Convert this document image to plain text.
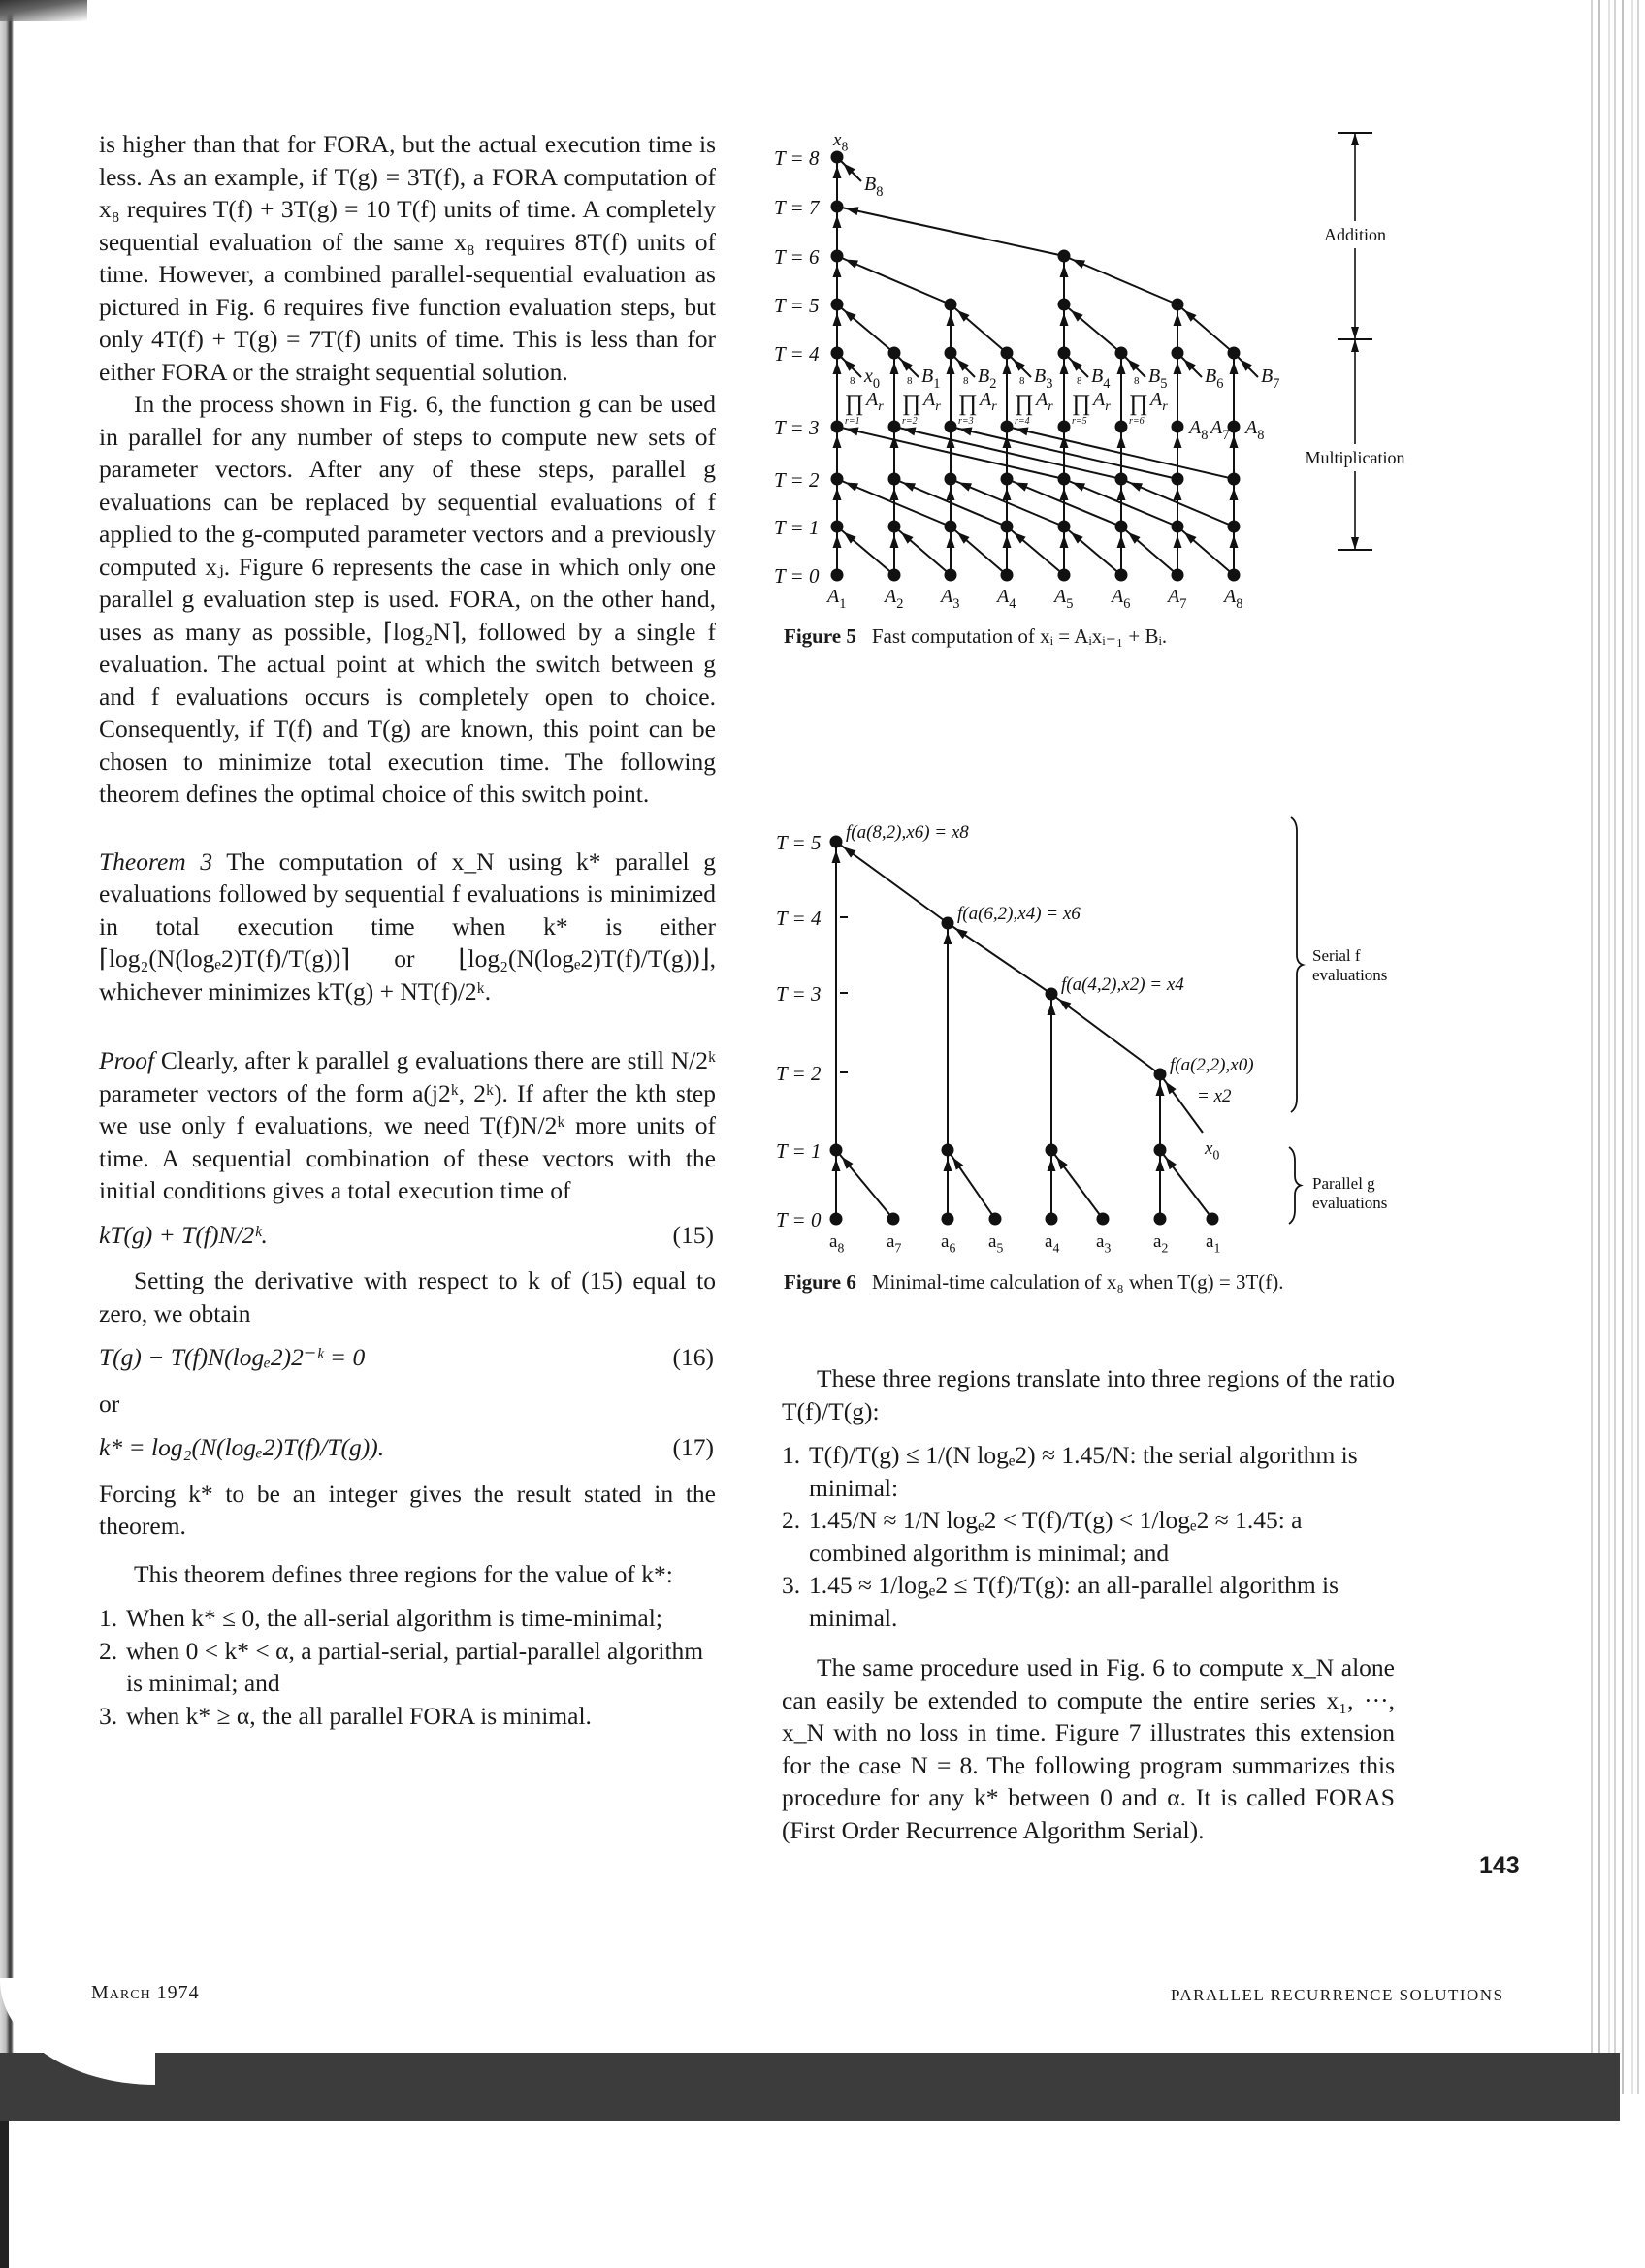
is higher than that for FORA, but the actual execution time is less. As an example, if T(g) = 3T(f), a FORA computation of x₈ requires T(f) + 3T(g) = 10 T(f) units of time. A completely sequential evaluation of the same x₈ requires 8T(f) units of time. However, a combined parallel-sequential evaluation as pictured in Fig. 6 requires five function evaluation steps, but only 4T(f) + T(g) = 7T(f) units of time. This is less than for either FORA or the straight sequential solution.

In the process shown in Fig. 6, the function g can be used in parallel for any number of steps to compute new sets of parameter vectors. After any of these steps, parallel g evaluations can be replaced by sequential evaluations of f applied to the g-computed parameter vectors and a previously computed xⱼ. Figure 6 represents the case in which only one parallel g evaluation step is used. FORA, on the other hand, uses as many as possible, ⌈log₂N⌉, followed by a single f evaluation. The actual point at which the switch between g and f evaluations occurs is completely open to choice. Consequently, if T(f) and T(g) are known, this point can be chosen to minimize total execution time. The following theorem defines the optimal choice of this switch point.

Theorem 3 The computation of x_N using k* parallel g evaluations followed by sequential f evaluations is minimized in total execution time when k* is either ⌈log₂(N(logₑ2)T(f)/T(g))⌉ or ⌊log₂(N(logₑ2)T(f)/T(g))⌋, whichever minimizes kT(g) + NT(f)/2ᵏ.

Proof Clearly, after k parallel g evaluations there are still N/2ᵏ parameter vectors of the form a(j2ᵏ, 2ᵏ). If after the kth step we use only f evaluations, we need T(f)N/2ᵏ more units of time. A sequential combination of these vectors with the initial conditions gives a total execution time of

kT(g) + T(f)N/2ᵏ.	(15)

Setting the derivative with respect to k of (15) equal to zero, we obtain

T(g) − T(f)N(logₑ2)2⁻ᵏ = 0	(16)

or

k* = log₂(N(logₑ2)T(f)/T(g)).	(17)

Forcing k* to be an integer gives the result stated in the theorem.

This theorem defines three regions for the value of k*:

1. When k* ≤ 0, the all-serial algorithm is time-minimal;
2. when 0 < k* < α, a partial-serial, partial-parallel algorithm is minimal; and
3. when k* ≥ α, the all parallel FORA is minimal.
T = 0
T = 1
T = 2
T = 3
T = 4
T = 5
T = 6
T = 7
T = 8
$x_0$ $B_1$ $B_2$ $B_3$ $B_4$ $B_5$ $B_6$ $B_7$
$B_8$
$x_8$
8
∏
r=1
$A_r$
8
∏
r=2
$A_r$
8
∏
r=3
$A_r$
8
∏
r=4
$A_r$
8
∏
r=5
$A_r$
8
∏
r=6
$A_r$
$A_8$ $A_7$ $A_8$
$A_1$ $A_2$ $A_3$ $A_4$ $A_5$ $A_6$ $A_7$ $A_8$
Addition
Multiplication
Figure 5 Fast computation of xᵢ = Aᵢxᵢ₋₁ + Bᵢ.
T = 0
T = 1
T = 2
T = 3
T = 4
T = 5 f(a(8,2),x6) = x8
f(a(6,2),x4) = x6
f(a(4,2),x2) = x4
f(a(2,2),x0)
= x2
$x_0$
$a_8$ $a_7$ $a_6$ $a_5$ $a_4$ $a_3$ $a_2$ $a_1$
Serial f
evaluations
Parallel g
evaluations
Figure 6 Minimal-time calculation of x₈ when T(g) = 3T(f).

These three regions translate into three regions of the ratio T(f)/T(g):

1. T(f)/T(g) ≤ 1/(N logₑ2) ≈ 1.45/N: the serial algorithm is minimal:
2. 1.45/N ≈ 1/N logₑ2 < T(f)/T(g) < 1/logₑ2 ≈ 1.45: a combined algorithm is minimal; and
3. 1.45 ≈ 1/logₑ2 ≤ T(f)/T(g): an all-parallel algorithm is minimal.

The same procedure used in Fig. 6 to compute x_N alone can easily be extended to compute the entire series x₁, ···, x_N with no loss in time. Figure 7 illustrates this extension for the case N = 8. The following program summarizes this procedure for any k* between 0 and α. It is called FORAS (First Order Recurrence Algorithm Serial).

143
March 1974	PARALLEL RECURRENCE SOLUTIONS
